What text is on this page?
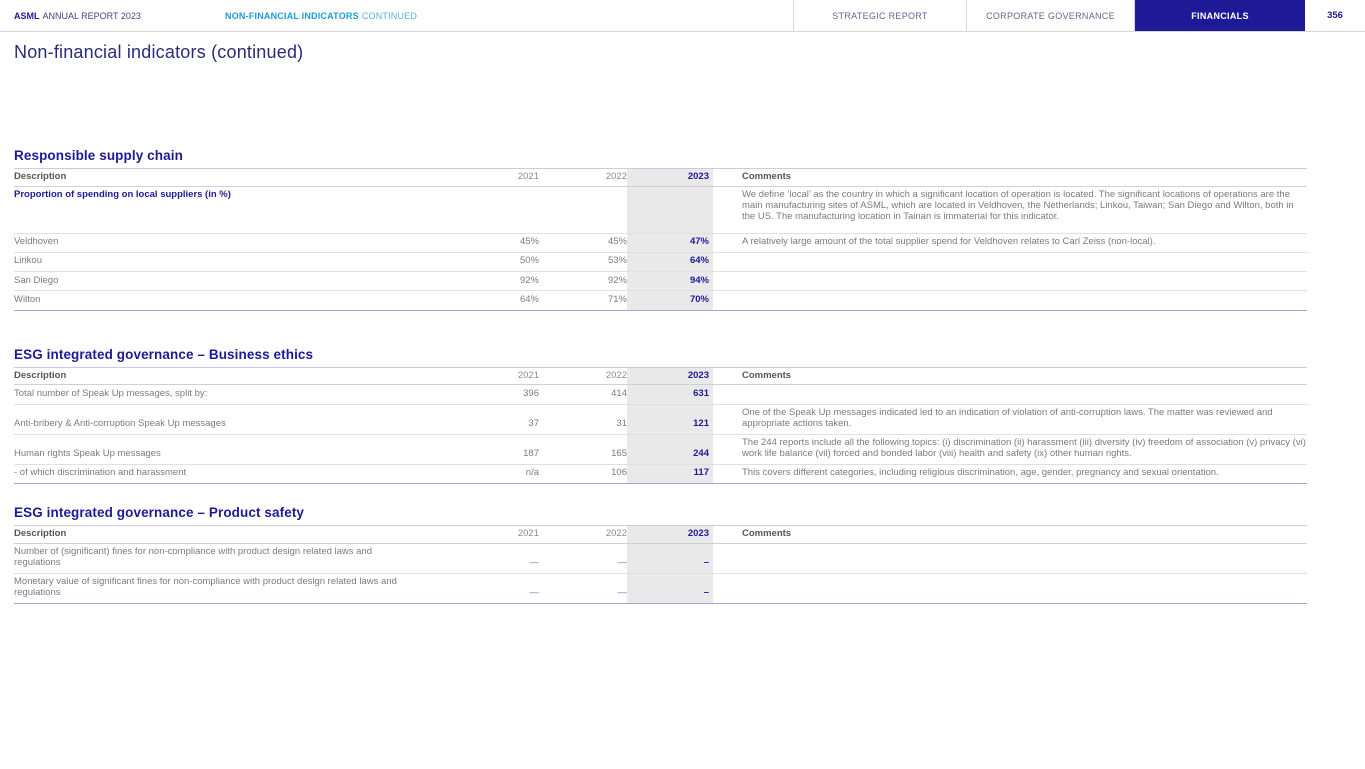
ASML ANNUAL REPORT 2023	NON-FINANCIAL INDICATORS CONTINUED	STRATEGIC REPORT	CORPORATE GOVERNANCE	FINANCIALS	356
Non-financial indicators (continued)
Responsible supply chain
Description	2021	2022	2023	Comments
Proportion of spending on local suppliers (in %)				We define ‘local’ as the country in which a significant location of operation is located. The significant locations of operations are the main manufacturing sites of ASML, which are located in Veldhoven, the Netherlands; Linkou, Taiwan; San Diego and Wilton, both in the US. The manufacturing location in Tainan is immaterial for this indicator.
Veldhoven	45%	45%	47%	A relatively large amount of the total supplier spend for Veldhoven relates to Carl Zeiss (non-local).
Linkou	50%	53%	64%	
San Diego	92%	92%	94%	
Wilton	64%	71%	70%	
ESG integrated governance – Business ethics
Description	2021	2022	2023	Comments
Total number of Speak Up messages, split by:	396	414	631	
Anti-bribery & Anti-corruption Speak Up messages	37	31	121	One of the Speak Up messages indicated led to an indication of violation of anti-corruption laws. The matter was reviewed and appropriate actions taken.
Human rights Speak Up messages	187	165	244	The 244 reports include all the following topics: (i) discrimination (ii) harassment (iii) diversity (iv) freedom of association (v) privacy (vi) work life balance (vii) forced and bonded labor (viii) health and safety (ix) other human rights.
- of which discrimination and harassment	n/a	106	117	This covers different categories, including religious discrimination, age, gender, pregnancy and sexual orientation.
ESG integrated governance – Product safety
Description	2021	2022	2023	Comments
Number of (significant) fines for non-compliance with product design related laws and regulations	—	—	–	
Monetary value of significant fines for non-compliance with product design related laws and regulations	—	—	–	
